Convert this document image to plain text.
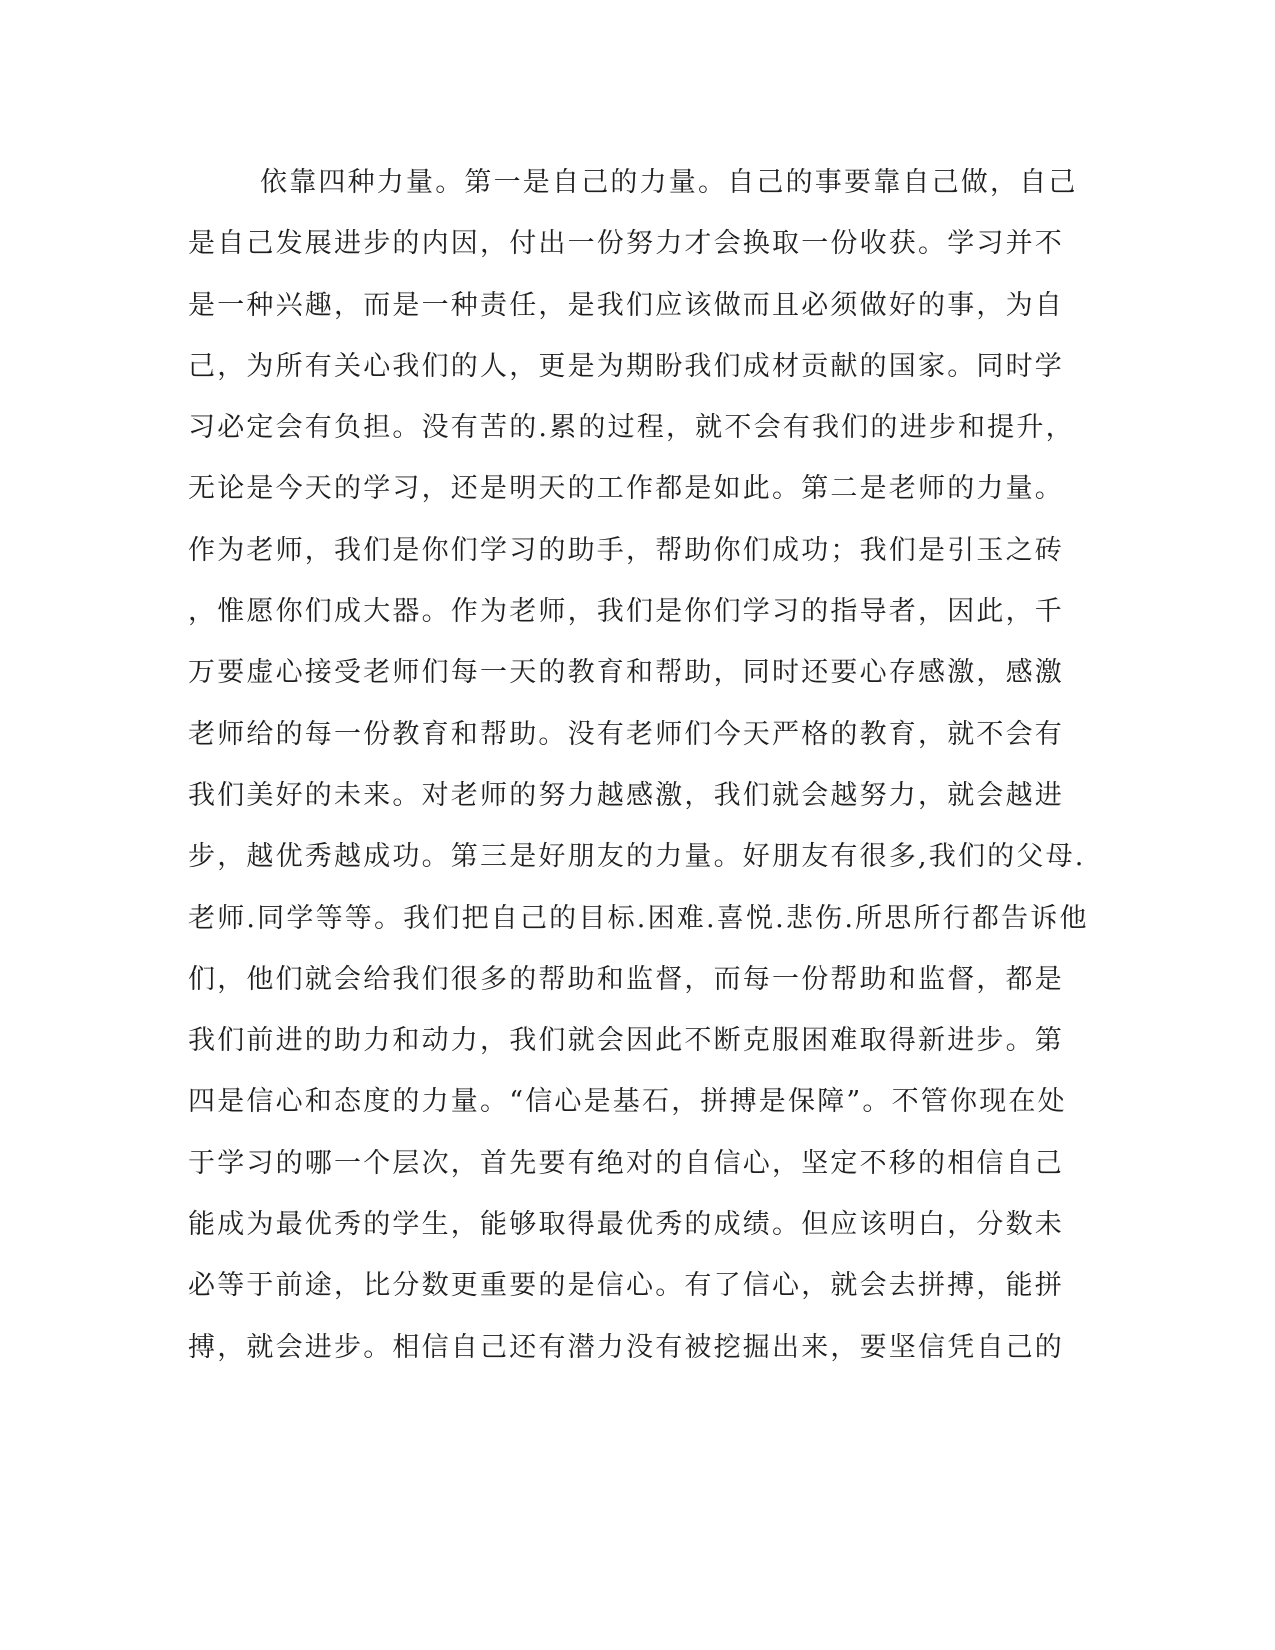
依靠四种力量。第一是自己的力量。自己的事要靠自己做，自己
是自己发展进步的内因，付出一份努力才会换取一份收获。学习并不
是一种兴趣，而是一种责任，是我们应该做而且必须做好的事，为自
己，为所有关心我们的人，更是为期盼我们成材贡献的国家。同时学
习必定会有负担。没有苦的.累的过程，就不会有我们的进步和提升，
无论是今天的学习，还是明天的工作都是如此。第二是老师的力量。
作为老师，我们是你们学习的助手，帮助你们成功；我们是引玉之砖
，惟愿你们成大器。作为老师，我们是你们学习的指导者，因此，千
万要虚心接受老师们每一天的教育和帮助，同时还要心存感激，感激
老师给的每一份教育和帮助。没有老师们今天严格的教育，就不会有
我们美好的未来。对老师的努力越感激，我们就会越努力，就会越进
步，越优秀越成功。第三是好朋友的力量。好朋友有很多,我们的父母.
老师.同学等等。我们把自己的目标.困难.喜悦.悲伤.所思所行都告诉他
们，他们就会给我们很多的帮助和监督，而每一份帮助和监督，都是
我们前进的助力和动力，我们就会因此不断克服困难取得新进步。第
四是信心和态度的力量。“信心是基石，拼搏是保障”。不管你现在处
于学习的哪一个层次，首先要有绝对的自信心，坚定不移的相信自己
能成为最优秀的学生，能够取得最优秀的成绩。但应该明白，分数未
必等于前途，比分数更重要的是信心。有了信心，就会去拼搏，能拼
搏，就会进步。相信自己还有潜力没有被挖掘出来，要坚信凭自己的
